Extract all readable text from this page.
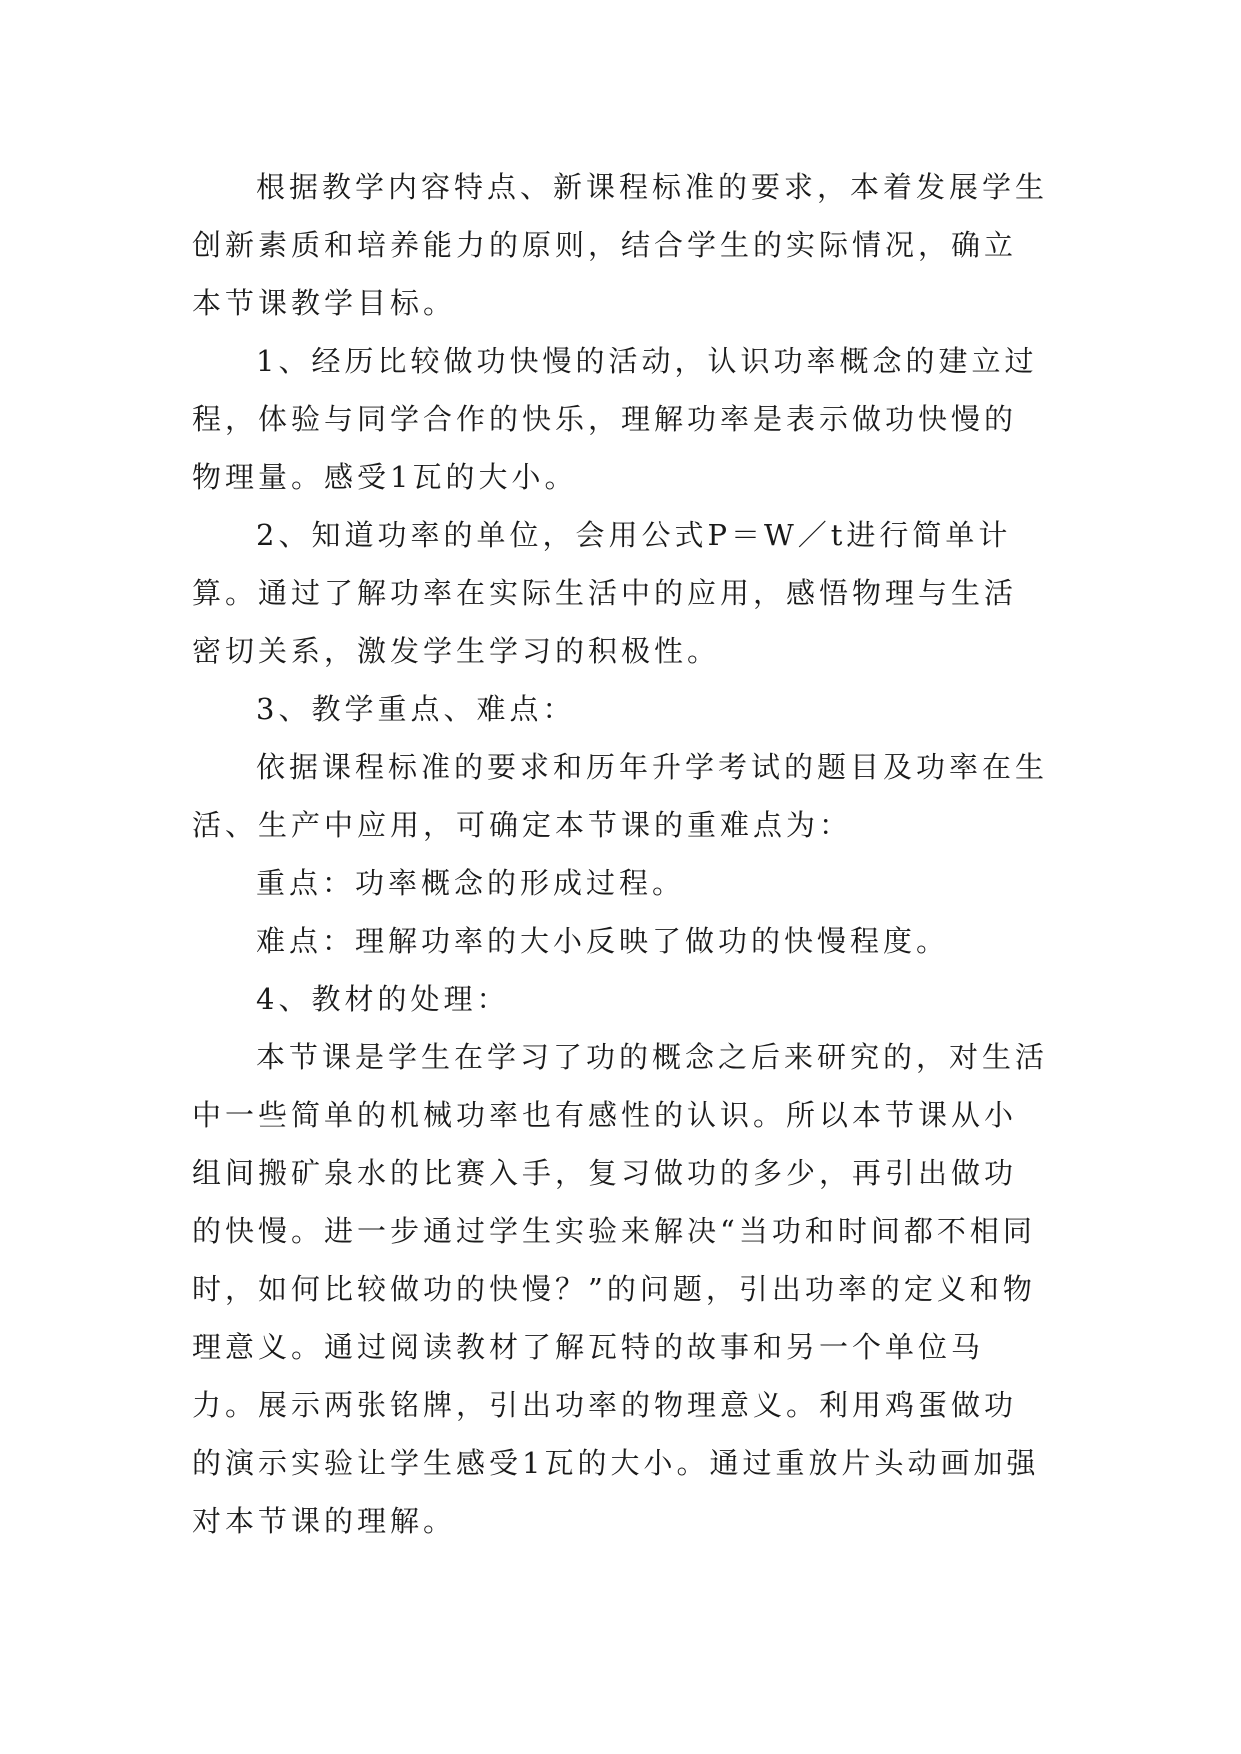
根据教学内容特点、新课程标准的要求，本着发展学生创新素质和培养能力的原则，结合学生的实际情况，确立本节课教学目标。

1、经历比较做功快慢的活动，认识功率概念的建立过程，体验与同学合作的快乐，理解功率是表示做功快慢的物理量。感受1瓦的大小。

2、知道功率的单位，会用公式P＝W／t进行简单计算。通过了解功率在实际生活中的应用，感悟物理与生活密切关系，激发学生学习的积极性。

3、教学重点、难点：

依据课程标准的要求和历年升学考试的题目及功率在生活、生产中应用，可确定本节课的重难点为：

重点：功率概念的形成过程。

难点：理解功率的大小反映了做功的快慢程度。

4、教材的处理：

本节课是学生在学习了功的概念之后来研究的，对生活中一些简单的机械功率也有感性的认识。所以本节课从小组间搬矿泉水的比赛入手，复习做功的多少，再引出做功的快慢。进一步通过学生实验来解决“当功和时间都不相同时，如何比较做功的快慢？”的问题，引出功率的定义和物理意义。通过阅读教材了解瓦特的故事和另一个单位马力。展示两张铭牌，引出功率的物理意义。利用鸡蛋做功的演示实验让学生感受1瓦的大小。通过重放片头动画加强对本节课的理解。
